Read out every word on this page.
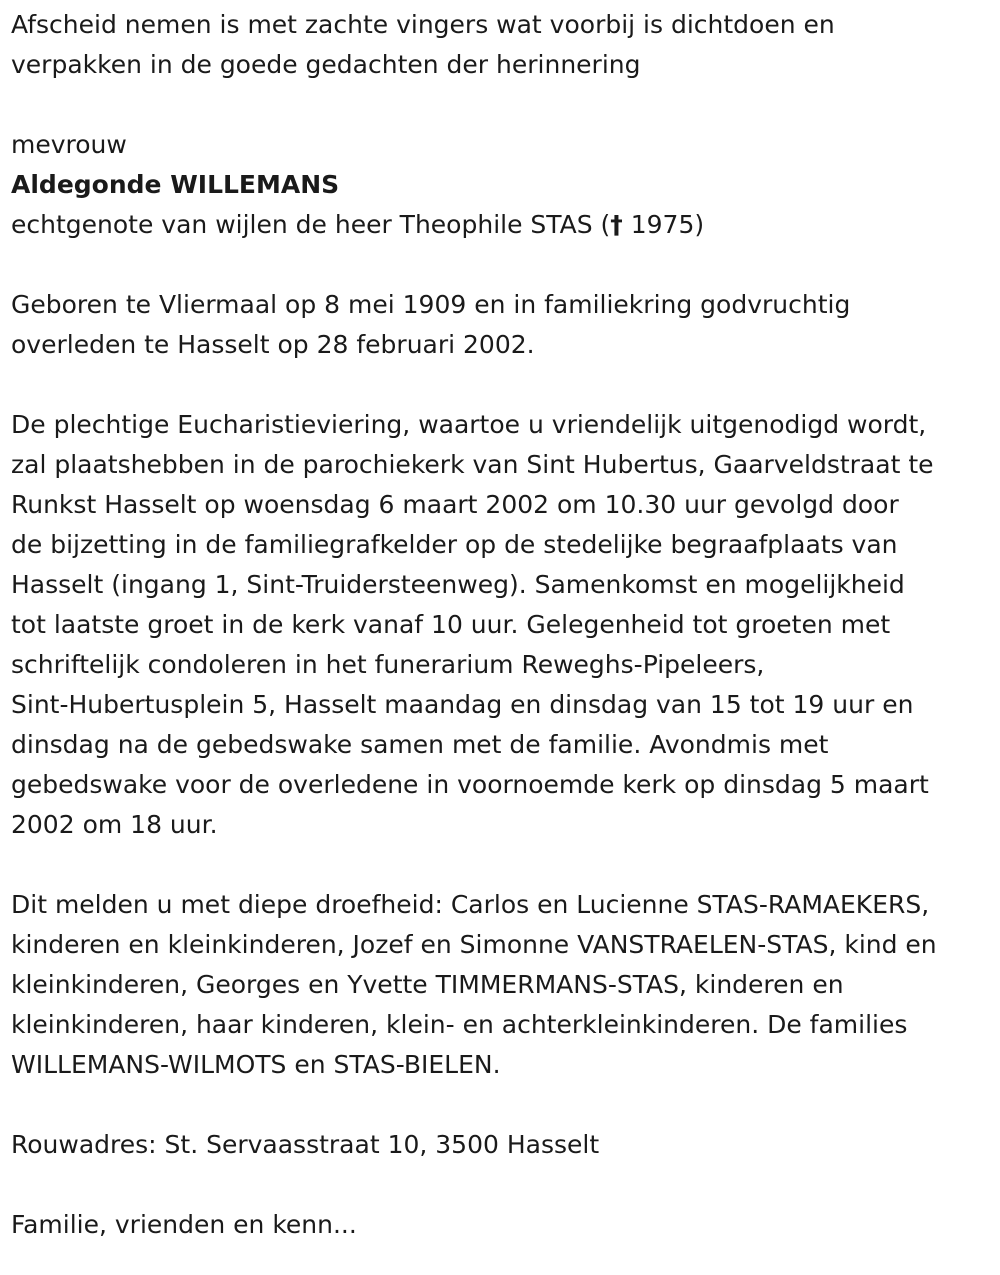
Afscheid nemen is met zachte vingers wat voorbij is dichtdoen en
verpakken in de goede gedachten der herinnering

mevrouw

Aldegonde WILLEMANS

echtgenote van wijlen de heer Theophile STAS († 1975)

Geboren te Vliermaal op 8 mei 1909 en in familiekring godvruchtig
overleden te Hasselt op 28 februari 2002.

De plechtige Eucharistieviering, waartoe u vriendelijk uitgenodigd wordt,
zal plaatshebben in de parochiekerk van Sint Hubertus, Gaarveldstraat te
Runkst Hasselt op woensdag 6 maart 2002 om 10.30 uur gevolgd door
de bijzetting in de familiegrafkelder op de stedelijke begraafplaats van
Hasselt (ingang 1, Sint-Truidersteenweg). Samenkomst en mogelijkheid
tot laatste groet in de kerk vanaf 10 uur. Gelegenheid tot groeten met
schriftelijk condoleren in het funerarium Reweghs-Pipeleers,
Sint-Hubertusplein 5, Hasselt maandag en dinsdag van 15 tot 19 uur en
dinsdag na de gebedswake samen met de familie. Avondmis met
gebedswake voor de overledene in voornoemde kerk op dinsdag 5 maart
2002 om 18 uur.

Dit melden u met diepe droefheid: Carlos en Lucienne STAS-RAMAEKERS,
kinderen en kleinkinderen, Jozef en Simonne VANSTRAELEN-STAS, kind en
kleinkinderen, Georges en Yvette TIMMERMANS-STAS, kinderen en
kleinkinderen, haar kinderen, klein- en achterkleinkinderen. De families
WILLEMANS-WILMOTS en STAS-BIELEN.

Rouwadres: St. Servaasstraat 10, 3500 Hasselt

Familie, vrienden en kenn...
